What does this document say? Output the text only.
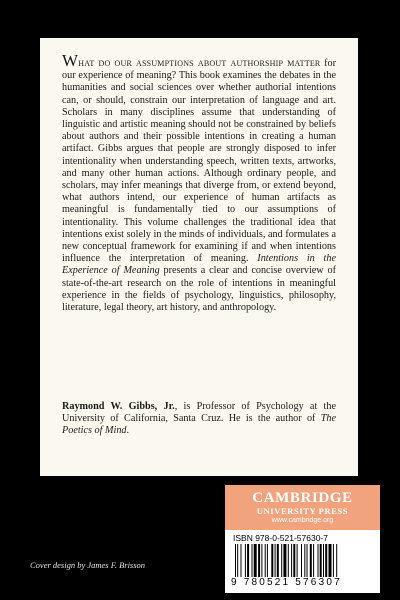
What do our assumptions about authorship matter for our experience of meaning? This book examines the debates in the humanities and social sciences over whether authorial intentions can, or should, constrain our interpretation of language and art. Scholars in many disciplines assume that understanding of linguistic and artistic meaning should not be constrained by beliefs about authors and their possible intentions in creating a human artifact. Gibbs argues that people are strongly disposed to infer intentionality when understanding speech, written texts, artworks, and many other human actions. Although ordinary people, and scholars, may infer meanings that diverge from, or extend beyond, what authors intend, our experience of human artifacts as meaningful is fundamentally tied to our assumptions of intentionality. This volume challenges the traditional idea that intentions exist solely in the minds of individuals, and formulates a new conceptual framework for examining if and when intentions influence the interpretation of meaning. Intentions in the Experience of Meaning presents a clear and concise overview of state-of-the-art research on the role of intentions in meaningful experience in the fields of psychology, linguistics, philosophy, literature, legal theory, art history, and anthropology.

Raymond W. Gibbs, Jr., is Professor of Psychology at the University of California, Santa Cruz. He is the author of The Poetics of Mind.

CAMBRIDGE
UNIVERSITY PRESS
www.cambridge.org
ISBN 978-0-521-57630-7
9 780521 576307
Cover design by James F. Brisson
